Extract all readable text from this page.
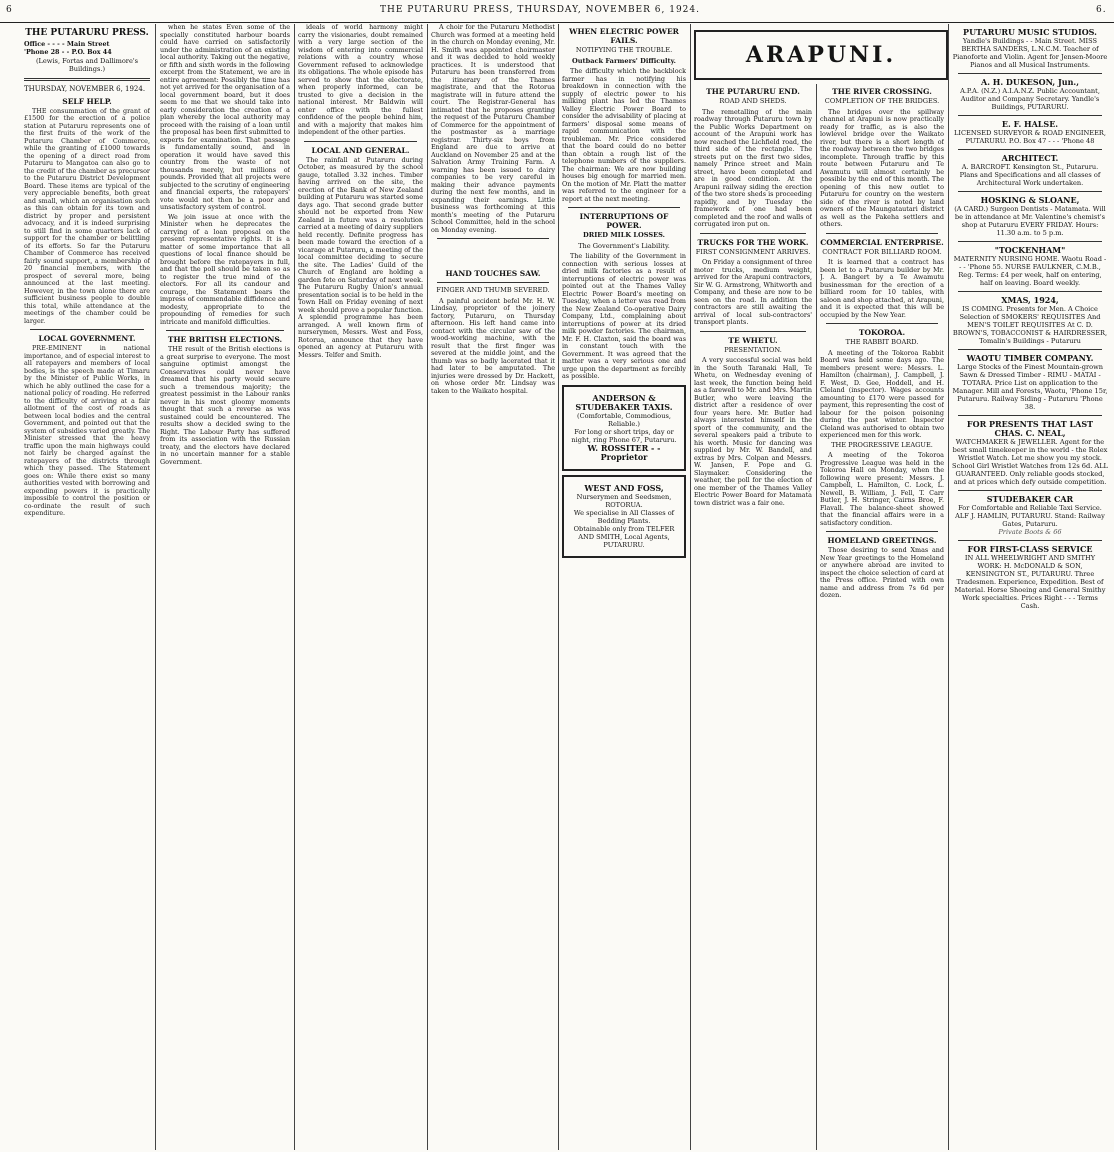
6	THE PUTARURU PRESS, THURSDAY, NOVEMBER 6, 1924.	6.
THE PUTARURU PRESS.
Office - - - - Main Street
'Phone 28 - - P.O. Box 44
(Lewis, Fortas and Dallimore's Buildings.)
THURSDAY, NOVEMBER 6, 1924.
SELF HELP.

THE consummation of the grant of £1500 for the erection of a police station at Putaruru represents one of the first fruits of the work of the Putaruru Chamber of Commerce, while the granting of £1000 towards the opening of a direct road from Putaruru to Mangatoa can also go to the credit of the chamber as precursor to the Putaruru District Development Board. These items are typical of the very appreciable benefits, both great and small, which an organisation such as this can obtain for its town and district by proper and persistent advocacy, and it is indeed surprising to still find in some quarters lack of support for the chamber or belittling of its efforts. So far the Putaruru Chamber of Commerce has received fairly sound support, a membership of 20 financial members, with the prospect of several more, being announced at the last meeting. However, in the town alone there are sufficient business people to double this total, while attendance at the meetings of the chamber could be larger.

LOCAL GOVERNMENT.

PRE-EMINENT in national importance, and of especial interest to all ratepayers and members of local bodies, is the speech made at Timaru by the Minister of Public Works, in which he ably outlined the case for a national policy of roading. He referred to the difficulty of arriving at a fair allotment of the cost of roads as between local bodies and the central Government, and pointed out that the system of subsidies varied greatly. The Minister stressed that the heavy traffic upon the main highways could not fairly be charged against the ratepayers of the districts through which they passed. The Statement goes on: While there exist so many authorities vested with borrowing and expending powers it is practically impossible to control the position or co-ordinate the result of such expenditure.

when he states Even some of the specially constituted harbour boards could have carried on satisfactorily under the administration of an existing local authority. Taking out the negative, or fifth and sixth words in the following excerpt from the Statement, we are in entire agreement: Possibly the time has not yet arrived for the organisation of a local government board, but it does seem to me that we should take into early consideration the creation of a plan whereby the local authority may proceed with the raising of a loan until the proposal has been first submitted to experts for examination. That passage is fundamentally sound, and in operation it would have saved this country from the waste of not thousands merely, but millions of pounds. Provided that all projects were subjected to the scrutiny of engineering and financial experts, the ratepayers' vote would not then be a poor and unsatisfactory system of control.

We join issue at once with the Minister when he deprecates the carrying of a loan proposal on the present representative rights. It is a matter of some importance that all questions of local finance should be brought before the ratepayers in full, and that the poll should be taken so as to register the true mind of the electors. For all its candour and courage, the Statement bears the impress of commendable diffidence and modesty, appropriate to the propounding of remedies for such intricate and manifold difficulties.

THE BRITISH ELECTIONS.

THE result of the British elections is a great surprise to everyone. The most sanguine optimist amongst the Conservatives could never have dreamed that his party would secure such a tremendous majority; the greatest pessimist in the Labour ranks never in his most gloomy moments thought that such a reverse as was sustained could be encountered. The results show a decided swing to the Right. The Labour Party has suffered from its association with the Russian treaty, and the electors have declared in no uncertain manner for a stable Government.

ideals of world harmony might carry the visionaries, doubt remained with a very large section of the wisdom of entering into commercial relations with a country whose Government refused to acknowledge its obligations. The whole episode has served to show that the electorate, when properly informed, can be trusted to give a decision in the national interest. Mr Baldwin will enter office with the fullest confidence of the people behind him, and with a majority that makes him independent of the other parties.

LOCAL AND GENERAL.

The rainfall at Putaruru during October, as measured by the school gauge, totalled 3.32 inches. Timber having arrived on the site, the erection of the Bank of New Zealand building at Putaruru was started some days ago. That second grade butter should not be exported from New Zealand in future was a resolution carried at a meeting of dairy suppliers held recently. Definite progress has been made toward the erection of a vicarage at Putaruru, a meeting of the local committee deciding to secure the site. The Ladies' Guild of the Church of England are holding a garden fete on Saturday of next week. The Putaruru Rugby Union's annual presentation social is to be held in the Town Hall on Friday evening of next week should prove a popular function. A splendid programme has been arranged. A well known firm of nurserymen, Messrs. West and Foss, Rotorua, announce that they have opened an agency at Putaruru with Messrs. Telfer and Smith.

A choir for the Putaruru Methodist Church was formed at a meeting held in the church on Monday evening, Mr. H. Smith was appointed choirmaster and it was decided to hold weekly practices. It is understood that Putaruru has been transferred from the itinerary of the Thames magistrate, and that the Rotorua magistrate will in future attend the court. The Registrar-General has intimated that he proposes granting the request of the Putaruru Chamber of Commerce for the appointment of the postmaster as a marriage registrar. Thirty-six boys from England are due to arrive at Auckland on November 25 and at the Salvation Army Training Farm. A warning has been issued to dairy companies to be very careful in making their advance payments during the next few months, and in expanding their earnings. Little business was forthcoming at this month's meeting of the Putaruru School Committee, held in the school on Monday evening.

HAND TOUCHES SAW.
FINGER AND THUMB SEVERED.

A painful accident befel Mr. H. W. Lindsay, proprietor of the joinery factory, Putaruru, on Thursday afternoon. His left hand came into contact with the circular saw of the wood-working machine, with the result that the first finger was severed at the middle joint, and the thumb was so badly lacerated that it had later to be amputated. The injuries were dressed by Dr. Hackett, on whose order Mr. Lindsay was taken to the Waikato hospital.

WHEN ELECTRIC POWER FAILS.
NOTIFYING THE TROUBLE.
Outback Farmers' Difficulty.

The difficulty which the backblock farmer has in notifying his breakdown in connection with the supply of electric power to his milking plant has led the Thames Valley Electric Power Board to consider the advisability of placing at farmers' disposal some means of rapid communication with the troubleman. Mr. Price considered that the board could do no better than obtain a rough list of the telephone numbers of the suppliers. The chairman: We are now building houses big enough for married men. On the motion of Mr. Platt the matter was referred to the engineer for a report at the next meeting.

INTERRUPTIONS OF POWER.
DRIED MILK LOSSES.
The Government's Liability.

The liability of the Government in connection with serious losses at dried milk factories as a result of interruptions of electric power was pointed out at the Thames Valley Electric Power Board's meeting on Tuesday, when a letter was read from the New Zealand Co-operative Dairy Company, Ltd., complaining about interruptions of power at its dried milk powder factories. The chairman, Mr. F. H. Claxton, said the board was in constant touch with the Government. It was agreed that the matter was a very serious one and urge upon the department as forcibly as possible.

ANDERSON & STUDEBAKER TAXIS.
(Comfortable, Commodious, Reliable.)
For long or short trips, day or night, ring Phone 67, Putaruru.
W. ROSSITER - - Proprietor
WEST AND FOSS,
Nurserymen and Seedsmen, ROTORUA.
We specialise in All Classes of Bedding Plants.
Obtainable only from TELFER AND SMITH, Local Agents, PUTARURU.
ARAPUNI.
THE PUTARURU END.
ROAD AND SHEDS.

The remetalling of the main roadway through Putaruru town by the Public Works Department on account of the Arapuni work has now reached the Lichfield road, the third side of the rectangle. The streets put on the first two sides, namely Prince street and Main street, have been completed and are in good condition. At the Arapuni railway siding the erection of the two store sheds is proceeding rapidly, and by Tuesday the framework of one had been completed and the roof and walls of corrugated iron put on.

TRUCKS FOR THE WORK.
FIRST CONSIGNMENT ARRIVES.

On Friday a consignment of three motor trucks, medium weight, arrived for the Arapuni contractors, Sir W. G. Armstrong, Whitworth and Company, and these are now to be seen on the road. In addition the contractors are still awaiting the arrival of local sub-contractors' transport plants.

TE WHETU.
PRESENTATION.

A very successful social was held in the South Taranaki Hall, Te Whetu, on Wednesday evening of last week, the function being held as a farewell to Mr. and Mrs. Martin Butler, who were leaving the district after a residence of over four years here. Mr. Butler had always interested himself in the sport of the community, and the several speakers paid a tribute to his worth. Music for dancing was supplied by Mr. W. Bandell, and extras by Mrs. Colpan and Messrs. W. Jansen, F. Pope and G. Slaymaker. Considering the weather, the poll for the election of one member of the Thames Valley Electric Power Board for Matamata town district was a fair one.

THE RIVER CROSSING.
COMPLETION OF THE BRIDGES.

The bridges over the spillway channel at Arapuni is now practically ready for traffic, as is also the lowlevel bridge over the Waikato river, but there is a short length of the roadway between the two bridges incomplete. Through traffic by this route between Putaruru and Te Awamutu will almost certainly be possible by the end of this month. The opening of this new outlet to Putaruru for country on the western side of the river is noted by land owners of the Maungatautari district as well as the Pakeha settlers and others.

COMMERCIAL ENTERPRISE.
CONTRACT FOR BILLIARD ROOM.

It is learned that a contract has been let to a Putaruru builder by Mr. J. A. Bangert by a Te Awamutu businessman for the erection of a billiard room for 10 tables, with saloon and shop attached, at Arapuni, and it is expected that this will be occupied by the New Year.

TOKOROA.
THE RABBIT BOARD.

A meeting of the Tokoroa Rabbit Board was held some days ago. The members present were: Messrs. L. Hamilton (chairman), J. Campbell, J. F. West, D. Gee, Hoddell, and H. Cleland (inspector). Wages accounts amounting to £170 were passed for payment, this representing the cost of labour for the poison poisoning during the past winter. Inspector Cleland was authorised to obtain two experienced men for this work.

THE PROGRESSIVE LEAGUE.

A meeting of the Tokoroa Progressive League was held in the Tokoroa Hall on Monday, when the following were present: Messrs. J. Campbell, L. Hamilton, C. Lock, L. Newell, B. William, J. Fell, T. Carr Butler, J. H. Stringer, Cairns Broe, F. Flavall. The balance-sheet showed that the financial affairs were in a satisfactory condition.

HOMELAND GREETINGS.

Those desiring to send Xmas and New Year greetings to the Homeland or anywhere abroad are invited to inspect the choice selection of card at the Press office. Printed with own name and address from 7s 6d per dozen.

PUTARURU MUSIC STUDIOS.
Yandle's Buildings - - Main Street. MISS BERTHA SANDERS, L.N.C.M. Teacher of Pianoforte and Violin. Agent for Jensen-Moore Pianos and all Musical Instruments.
A. H. DUKESON, Jun.,
A.P.A. (N.Z.) A.I.A.N.Z. Public Accountant, Auditor and Company Secretary. Yandle's Buildings, PUTARURU.
E. F. HALSE.
LICENSED SURVEYOR & ROAD ENGINEER, PUTARURU. P.O. Box 47 - - - 'Phone 48
ARCHITECT.
A. BARCROFT. Kensington St., Putaruru. Plans and Specifications and all classes of Architectural Work undertaken.
HOSKING & SLOANE,
(A CARD.) Surgeon Dentists - Matamata. Will be in attendance at Mr. Valentine's chemist's shop at Putaruru EVERY FRIDAY. Hours: 11.30 a.m. to 5 p.m.
"TOCKENHAM"
MATERNITY NURSING HOME. Waotu Road - - - 'Phone 55. NURSE FAULKNER, C.M.B., Reg. Terms: £4 per week, half on entering, half on leaving. Board weekly.
XMAS, 1924,
IS COMING. Presents for Men. A Choice Selection of SMOKERS' REQUISITES And MEN'S TOILET REQUISITES At C. D. BROWN'S, TOBACCONIST & HAIRDRESSER, Tomalin's Buildings - Putaruru
WAOTU TIMBER COMPANY.
Large Stocks of the Finest Mountain-grown Sawn & Dressed Timber - RIMU - MATAI - TOTARA. Price List on application to the Manager. Mill and Forests, Waotu, 'Phone 15r, Putaruru. Railway Siding - Putaruru 'Phone 38.
FOR PRESENTS THAT LAST CHAS. C. NEAL,
WATCHMAKER & JEWELLER. Agent for the best small timekeeper in the world - the Rolex Wristlet Watch. Let me show you my stock. School Girl Wristlet Watches from 12s 6d. ALL GUARANTEED. Only reliable goods stocked, and at prices which defy outside competition.
STUDEBAKER CAR
For Comfortable and Reliable Taxi Service. ALF J. HAMLIN, PUTARURU. Stand: Railway Gates, Putaruru.
Private Boots & 66
FOR FIRST-CLASS SERVICE
IN ALL WHEELWRIGHT AND SMITHY WORK: H. McDONALD & SON, KENSINGTON ST., PUTARURU. Three Tradesmen. Experience, Expedition. Best of Material. Horse Shoeing and General Smithy Work specialties. Prices Right - - - Terms Cash.
